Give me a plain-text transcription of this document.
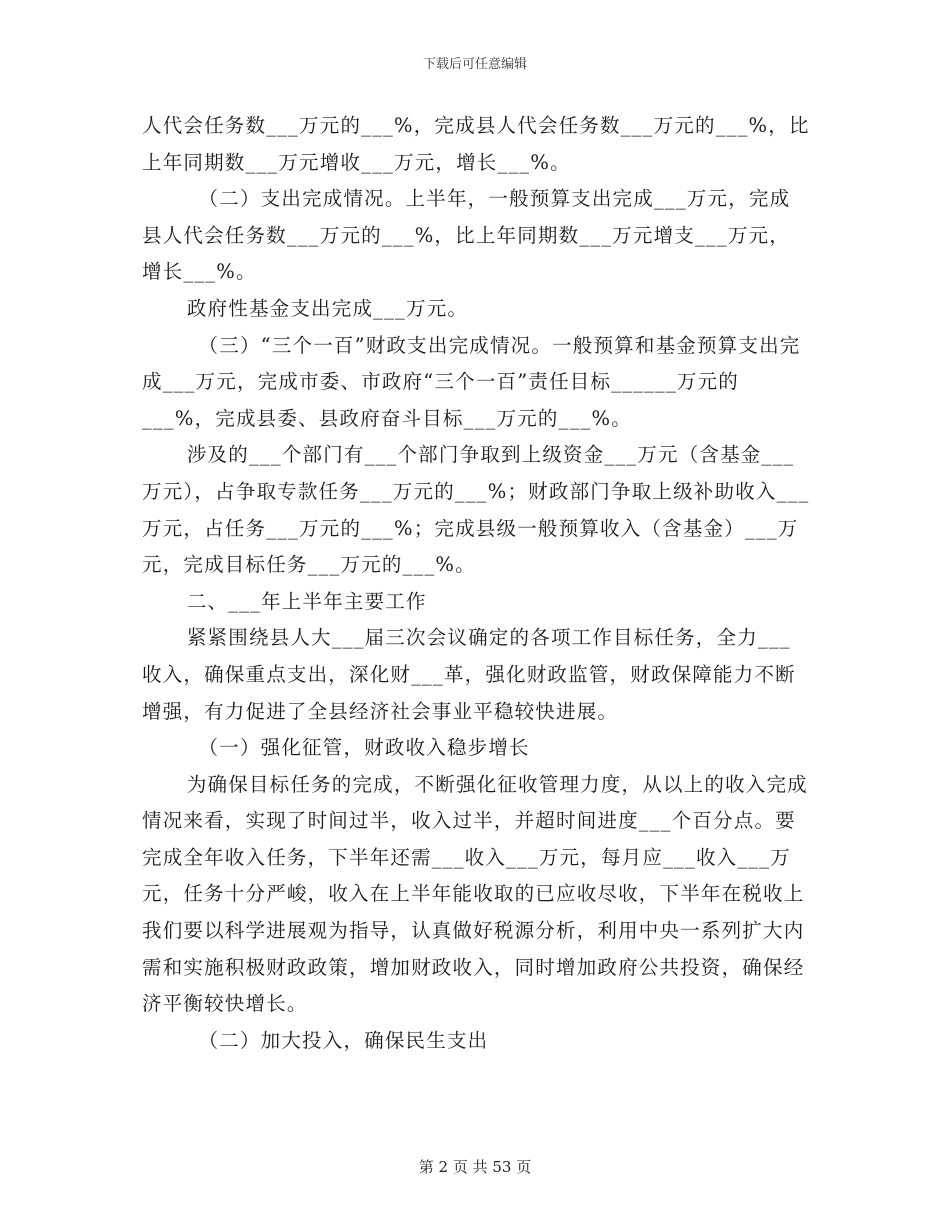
下载后可任意编辑

人代会任务数___万元的___%，完成县人代会任务数___万元的___%，比上年同期数___万元增收___万元，增长___%。

（二）支出完成情况。上半年，一般预算支出完成___万元，完成县人代会任务数___万元的___%，比上年同期数___万元增支___万元，增长___%。

政府性基金支出完成___万元。

（三）“三个一百”财政支出完成情况。一般预算和基金预算支出完成___万元，完成市委、市政府“三个一百”责任目标______万元的___%，完成县委、县政府奋斗目标___万元的___%。

涉及的___个部门有___个部门争取到上级资金___万元（含基金___万元），占争取专款任务___万元的___%；财政部门争取上级补助收入___万元，占任务___万元的___%；完成县级一般预算收入（含基金）___万元，完成目标任务___万元的___%。

二、___年上半年主要工作

紧紧围绕县人大___届三次会议确定的各项工作目标任务，全力___收入，确保重点支出，深化财___革，强化财政监管，财政保障能力不断增强，有力促进了全县经济社会事业平稳较快进展。

（一）强化征管，财政收入稳步增长

为确保目标任务的完成，不断强化征收管理力度，从以上的收入完成情况来看，实现了时间过半，收入过半，并超时间进度___个百分点。要完成全年收入任务，下半年还需___收入___万元，每月应___收入___万元，任务十分严峻，收入在上半年能收取的已应收尽收，下半年在税收上我们要以科学进展观为指导，认真做好税源分析，利用中央一系列扩大内需和实施积极财政政策，增加财政收入，同时增加政府公共投资，确保经济平衡较快增长。

（二）加大投入，确保民生支出

第 2 页 共 53 页
